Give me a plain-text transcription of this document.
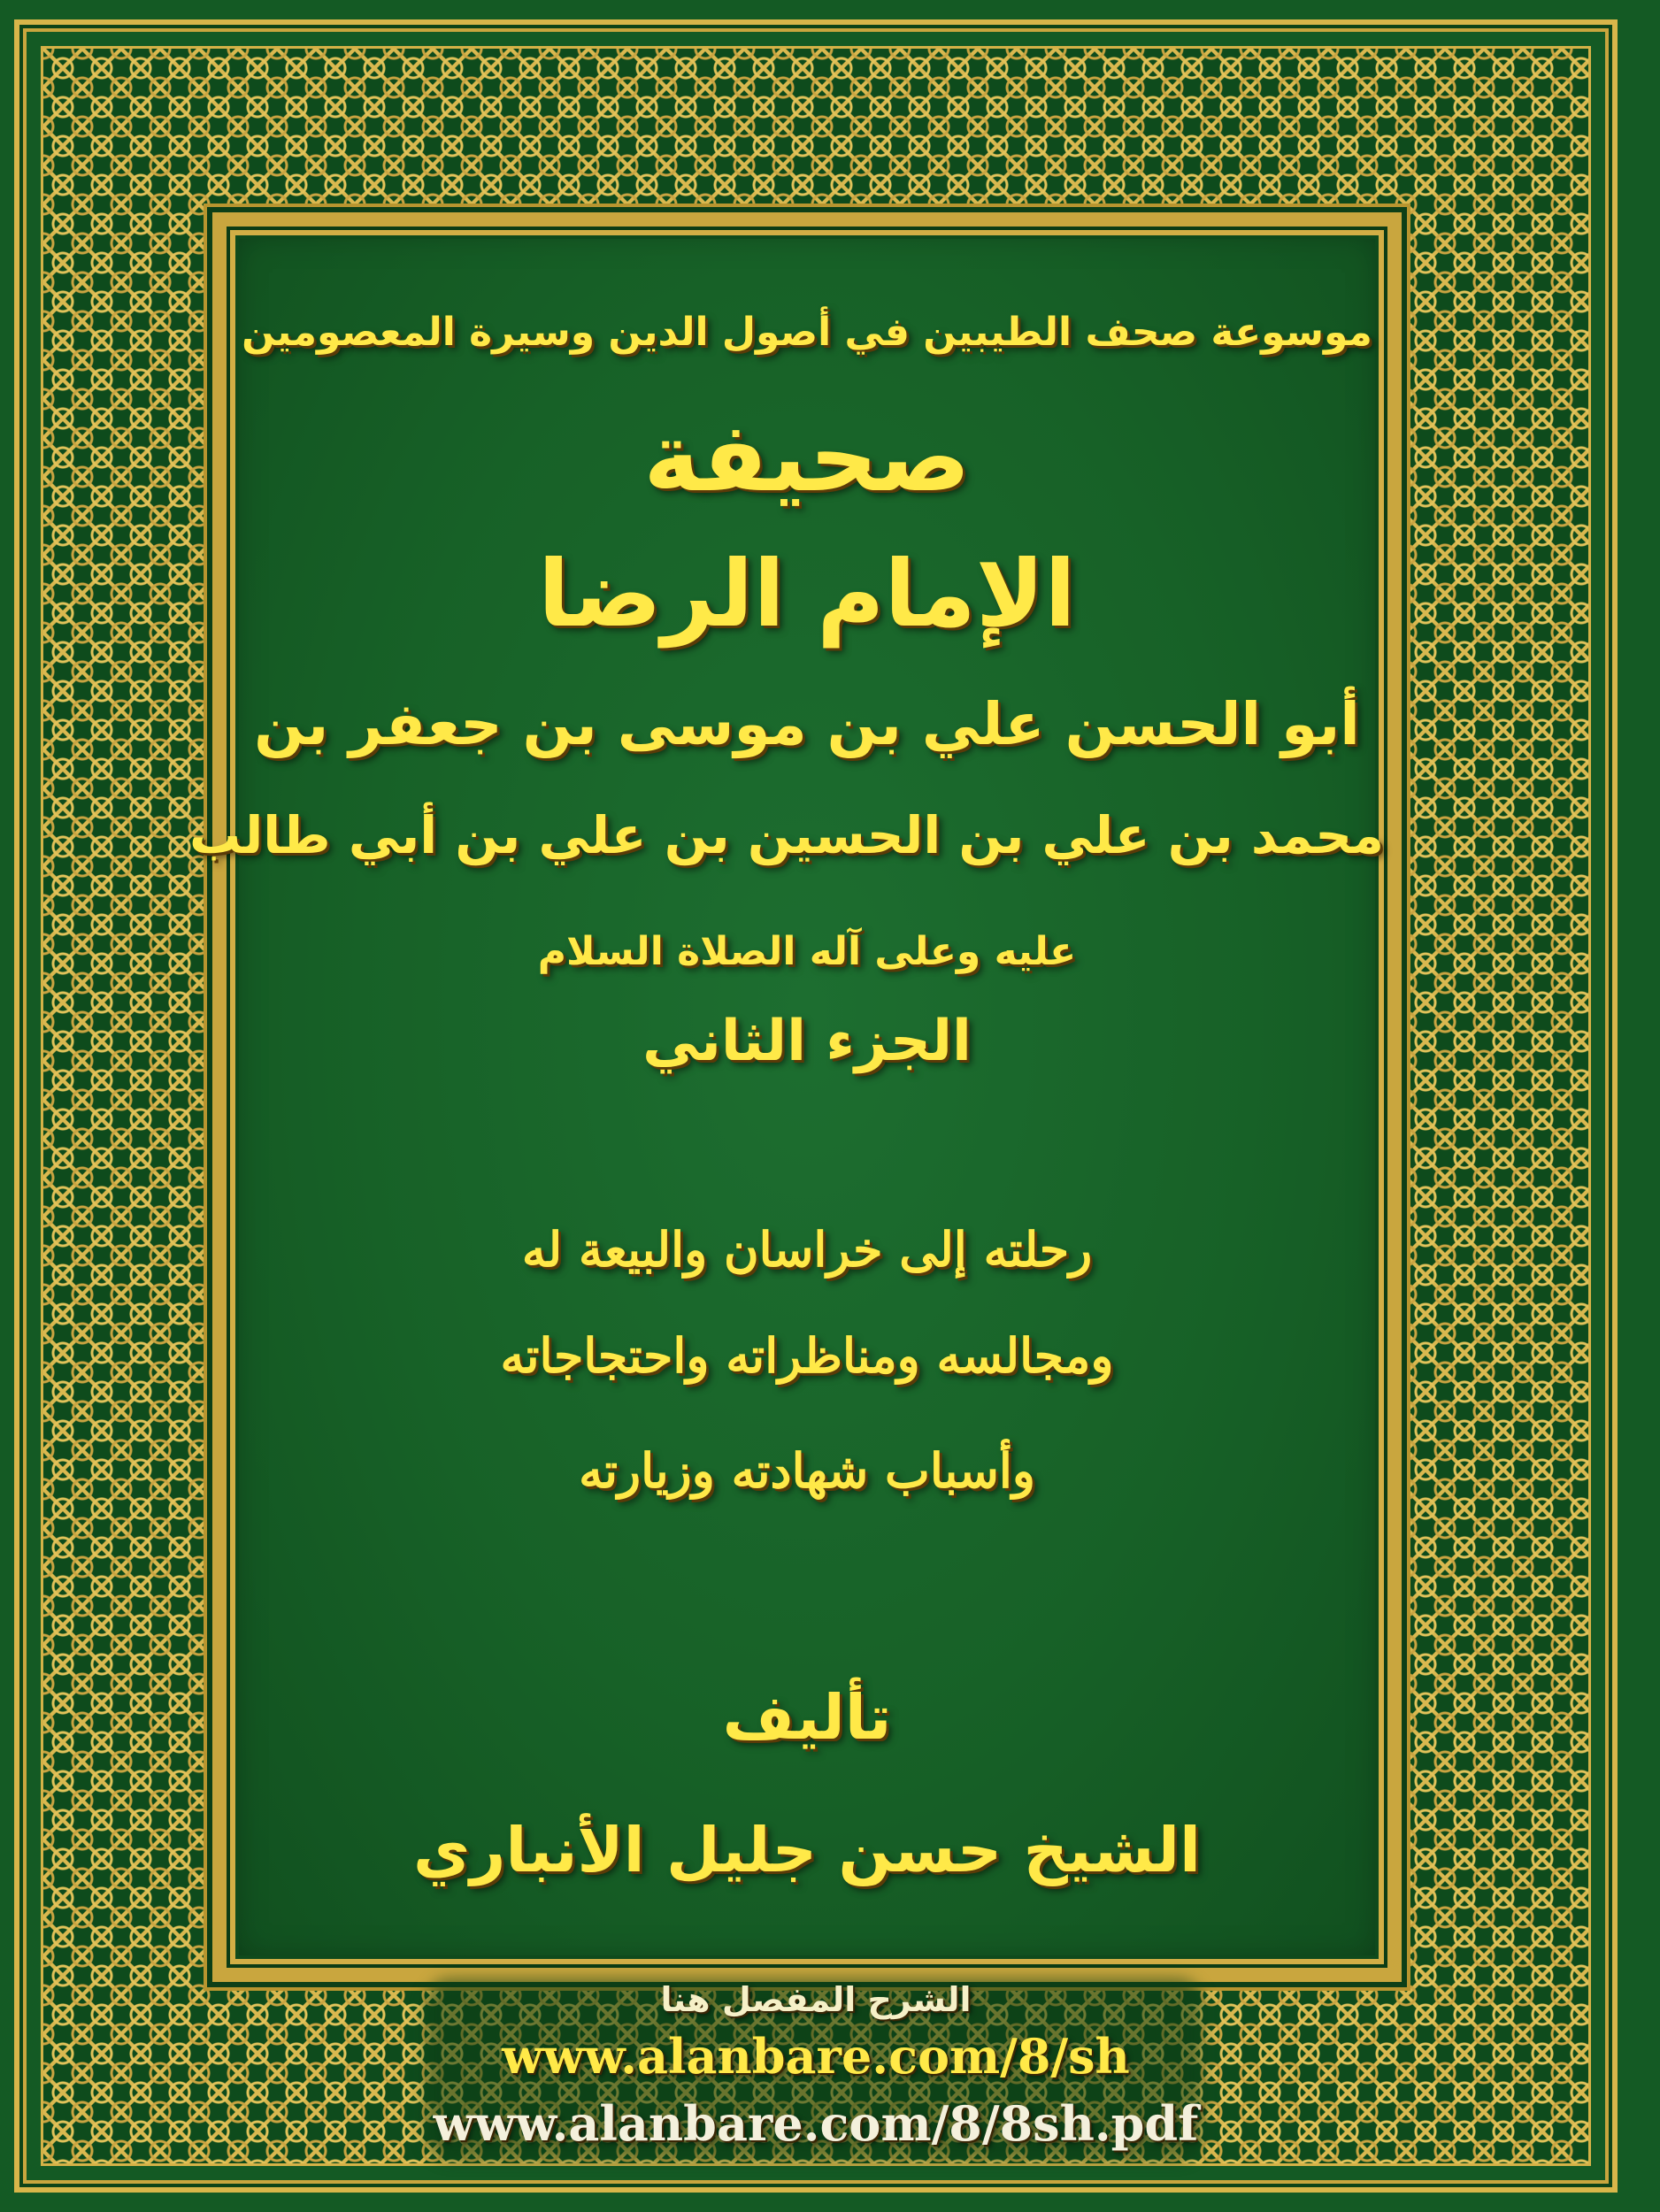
موسوعة صحف الطيبين في أصول الدين وسيرة المعصومين
صحيفة
الإمام الرضا
أبو الحسن علي بن موسى بن جعفر بن
محمد بن علي بن الحسين بن علي بن أبي طالب
عليه وعلى آله الصلاة السلام
الجزء الثاني
رحلته إلى خراسان والبيعة له
ومجالسه ومناظراته واحتجاجاته
وأسباب شهادته وزيارته
تأليف
الشيخ حسن جليل الأنباري
الشرح المفصل هنا
www.alanbare.com/8/sh
www.alanbare.com/8/8sh.pdf
